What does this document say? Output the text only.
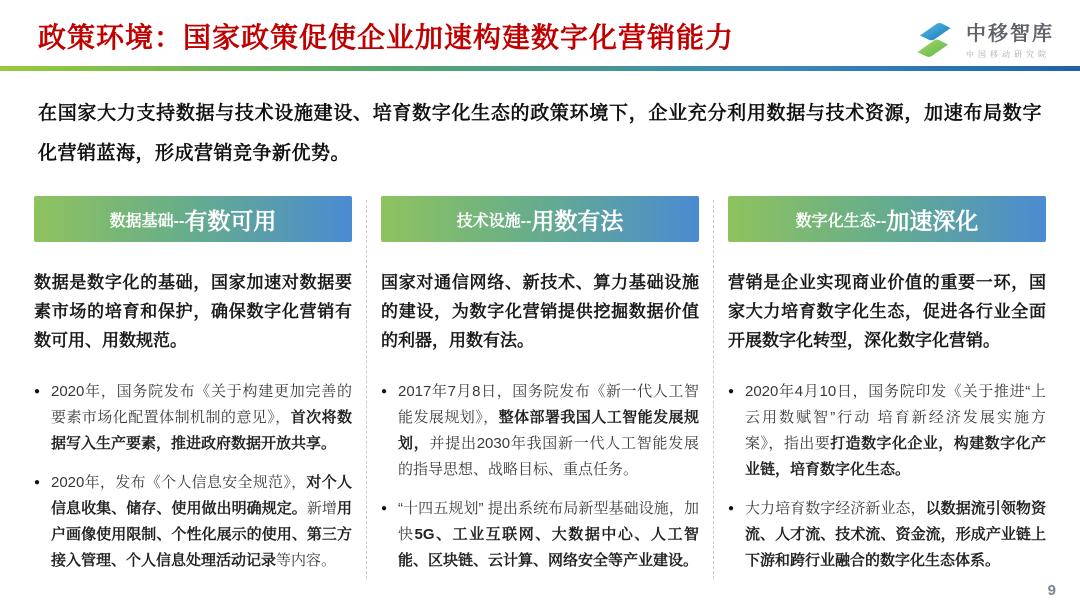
政策环境：国家政策促使企业加速构建数字化营销能力	中移智库
中国移动研究院

在国家大力支持数据与技术设施建设、培育数字化生态的政策环境下，企业充分利用数据与技术资源，加速布局数字化营销蓝海，形成营销竞争新优势。

数据基础-- 有数可用

数据是数字化的基础，国家加速对数据要素市场的培育和保护，确保数字化营销有数可用、用数规范。

● 2020年，国务院发布《关于构建更加完善的要素市场化配置体制机制的意见》，首次将数据写入生产要素，推进政府数据开放共享。
● 2020年，发布《个人信息安全规范》，对个人信息收集、储存、使用做出明确规定。新增用户画像使用限制、个性化展示的使用、第三方接入管理、个人信息处理活动记录等内容。
技术设施-- 用数有法

国家对通信网络、新技术、算力基础设施的建设，为数字化营销提供挖掘数据价值的利器，用数有法。

● 2017年7月8日，国务院发布《新一代人工智能发展规划》，整体部署我国人工智能发展规划，并提出2030年我国新一代人工智能发展的指导思想、战略目标、重点任务。
● “十四五规划” 提出系统布局新型基础设施，加快5G、工业互联网、大数据中心、人工智能、区块链、云计算、网络安全等产业建设。
数字化生态-- 加速深化

营销是企业实现商业价值的重要一环，国家大力培育数字化生态，促进各行业全面开展数字化转型，深化数字化营销。

● 2020年4月10日，国务院印发《关于推进“上云用数赋智”行动 培育新经济发展实施方案》，指出要打造数字化企业，构建数字化产业链，培育数字化生态。
● 大力培育数字经济新业态，以数据流引领物资流、人才流、技术流、资金流，形成产业链上下游和跨行业融合的数字化生态体系。
9
